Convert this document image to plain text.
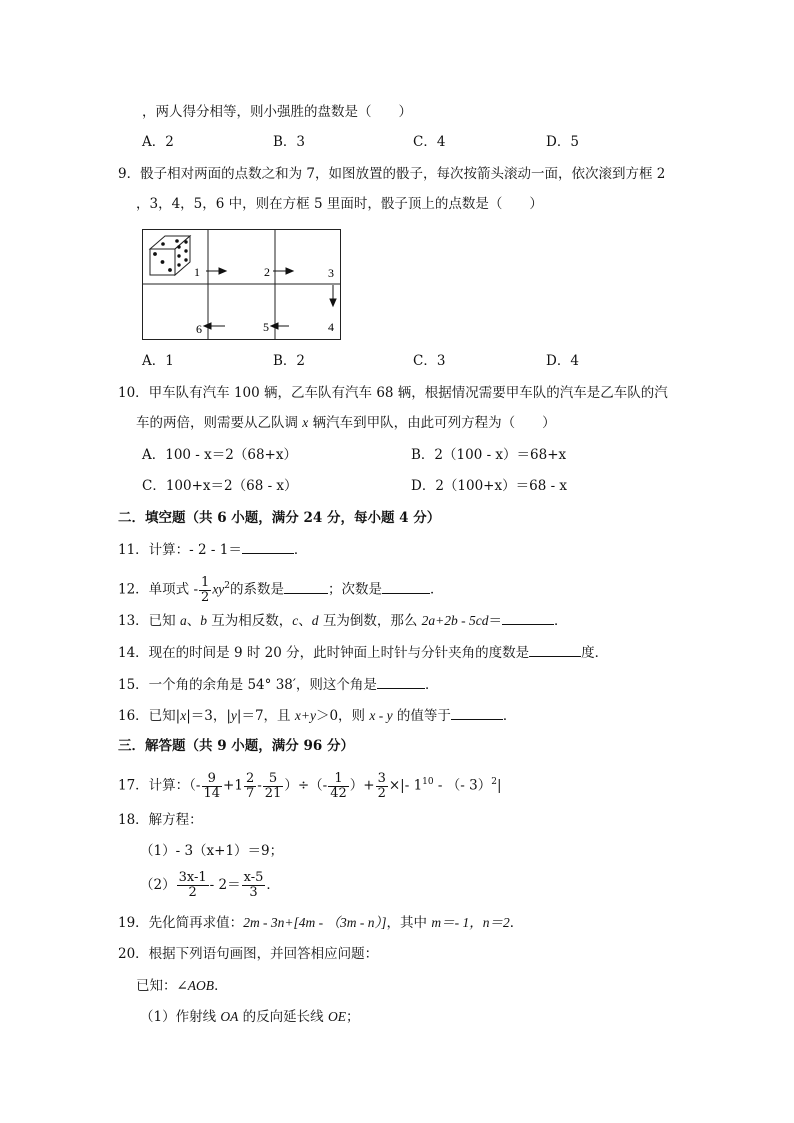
，两人得分相等，则小强胜的盘数是（　　）
A．2	B．3	C．4	D．5
9．骰子相对两面的点数之和为 7，如图放置的骰子，每次按箭头滚动一面，依次滚到方框 2
，3，4，5，6 中，则在方框 5 里面时，骰子顶上的点数是（　　）
1	2	3
4
5
6
A．1	B．2	C．3	D．4
10．甲车队有汽车 100 辆，乙车队有汽车 68 辆，根据情况需要甲车队的汽车是乙车队的汽
车的两倍，则需要从乙队调 x 辆汽车到甲队，由此可列方程为（　　）
A．100 - x＝2（68+x）	B．2（100 - x）＝68+x
C．100+x＝2（68 - x）	D．2（100+x）＝68 - x
二．填空题（共 6 小题，满分 24 分，每小题 4 分）
11．计算：- 2 - 1＝	．
12．单项式 - $\frac{1}{2} xy^2$的系数是	；次数是	．
13．已知 a、b 互为相反数，c、d 互为倒数，那么 2a+2b - 5cd＝	．
14．现在的时间是 9 时 20 分，此时钟面上时针与分针夹角的度数是	度．
15．一个角的余角是 54° 38′，则这个角是	．
16．已知|x|＝3，|y|＝7，且 x+y＞0，则 x - y 的值等于	．
三．解答题（共 9 小题，满分 96 分）
17．计算：（- $\frac{9}{14} +1 \frac{2}{7} - \frac{5}{21}$ ）÷（- $\frac{1}{42}$ ）+ $\frac{3}{2}$ ×|- $1^{10}$ - （- 3）$^2$|
18．解方程：
（1）- 3（x+1）＝9；
$(2) \frac{3x-1}{2} - 2= \frac{x-5}{3}$ ．
19．先化简再求值：2m - 3n+[4m - （3m - n）]，其中 m＝- 1，n＝2．
20．根据下列语句画图，并回答相应问题：
已知：∠AOB．
（1）作射线 OA 的反向延长线 OE；
